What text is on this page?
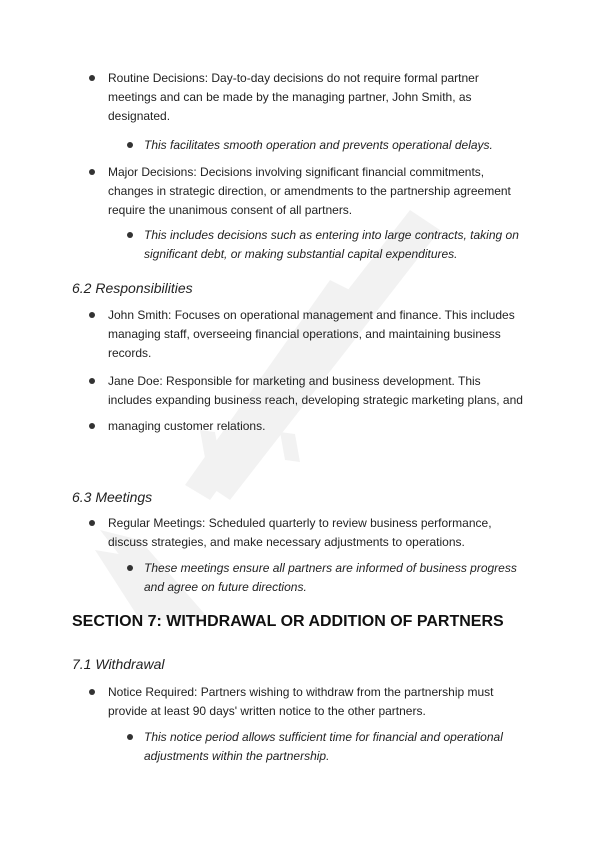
Routine Decisions: Day-to-day decisions do not require formal partner
meetings and can be made by the managing partner, John Smith, as
designated.
This facilitates smooth operation and prevents operational delays.
Major Decisions: Decisions involving significant financial commitments,
changes in strategic direction, or amendments to the partnership agreement
require the unanimous consent of all partners.
This includes decisions such as entering into large contracts, taking on
significant debt, or making substantial capital expenditures.
6.2 Responsibilities
John Smith: Focuses on operational management and finance. This includes
managing staff, overseeing financial operations, and maintaining business
records.
Jane Doe: Responsible for marketing and business development. This
includes expanding business reach, developing strategic marketing plans, and
managing customer relations.
6.3 Meetings
Regular Meetings: Scheduled quarterly to review business performance,
discuss strategies, and make necessary adjustments to operations.
These meetings ensure all partners are informed of business progress
and agree on future directions.
SECTION 7: WITHDRAWAL OR ADDITION OF PARTNERS
7.1 Withdrawal
Notice Required: Partners wishing to withdraw from the partnership must
provide at least 90 days' written notice to the other partners.
This notice period allows sufficient time for financial and operational
adjustments within the partnership.
